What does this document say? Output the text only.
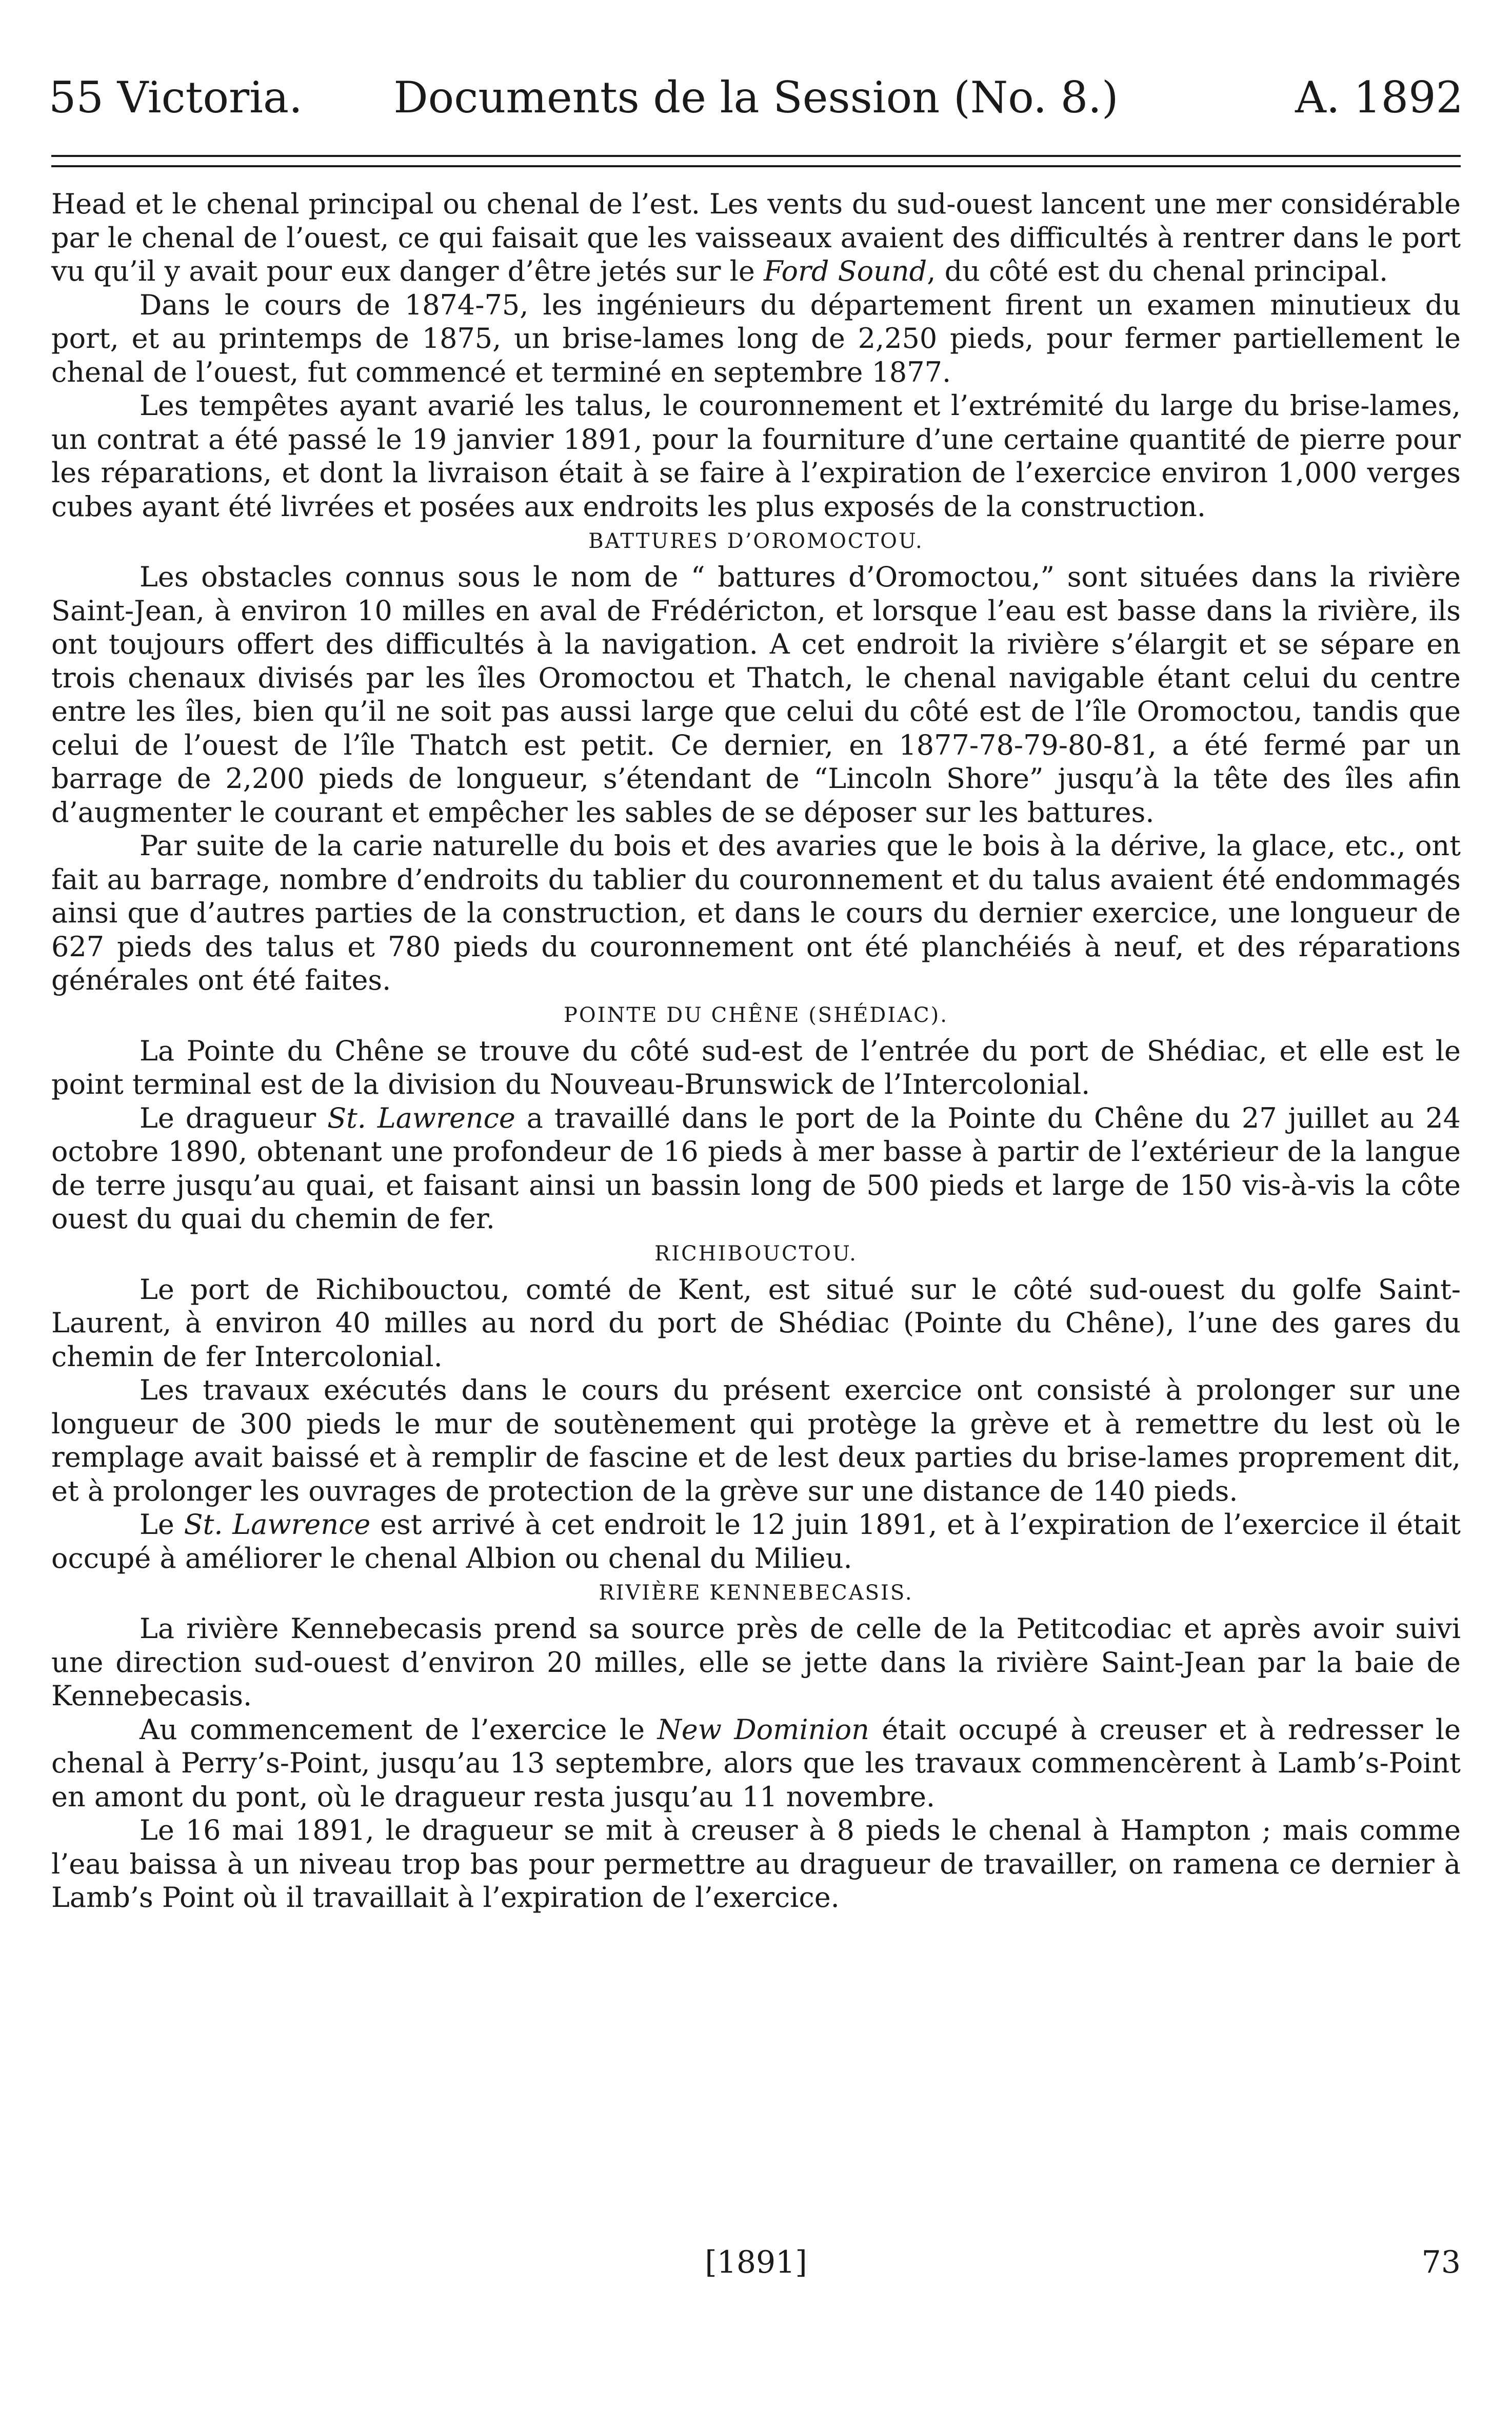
55 Victoria. Documents de la Session (No. 8.)	A. 1892

Head et le chenal principal ou chenal de l’est. Les vents du sud-ouest lancent une mer considérable par le chenal de l’ouest, ce qui faisait que les vaisseaux avaient des difficultés à rentrer dans le port vu qu’il y avait pour eux danger d’être jetés sur le Ford Sound, du côté est du chenal principal.

Dans le cours de 1874-75, les ingénieurs du département firent un examen minutieux du port, et au printemps de 1875, un brise-lames long de 2,250 pieds, pour fermer partiellement le chenal de l’ouest, fut commencé et terminé en septembre 1877.

Les tempêtes ayant avarié les talus, le couronnement et l’extrémité du large du brise-lames, un contrat a été passé le 19 janvier 1891, pour la fourniture d’une certaine quantité de pierre pour les réparations, et dont la livraison était à se faire à l’expiration de l’exercice environ 1,000 verges cubes ayant été livrées et posées aux endroits les plus exposés de la construction.

BATTURES D’OROMOCTOU.

Les obstacles connus sous le nom de “ battures d’Oromoctou,” sont situées dans la rivière Saint-Jean, à environ 10 milles en aval de Frédéricton, et lorsque l’eau est basse dans la rivière, ils ont toujours offert des difficultés à la navigation. A cet endroit la rivière s’élargit et se sépare en trois chenaux divisés par les îles Oromoctou et Thatch, le chenal navigable étant celui du centre entre les îles, bien qu’il ne soit pas aussi large que celui du côté est de l’île Oromoctou, tandis que celui de l’ouest de l’île Thatch est petit. Ce dernier, en 1877-78-79-80-81, a été fermé par un barrage de 2,200 pieds de longueur, s’étendant de “Lincoln Shore” jusqu’à la tête des îles afin d’augmenter le courant et empêcher les sables de se déposer sur les battures.

Par suite de la carie naturelle du bois et des avaries que le bois à la dérive, la glace, etc., ont fait au barrage, nombre d’endroits du tablier du couronnement et du talus avaient été endommagés ainsi que d’autres parties de la construction, et dans le cours du dernier exercice, une longueur de 627 pieds des talus et 780 pieds du couronnement ont été planchéiés à neuf, et des réparations générales ont été faites.

POINTE DU CHÊNE (SHÉDIAC).

La Pointe du Chêne se trouve du côté sud-est de l’entrée du port de Shédiac, et elle est le point terminal est de la division du Nouveau-Brunswick de l’Intercolonial.

Le dragueur St. Lawrence a travaillé dans le port de la Pointe du Chêne du 27 juillet au 24 octobre 1890, obtenant une profondeur de 16 pieds à mer basse à partir de l’extérieur de la langue de terre jusqu’au quai, et faisant ainsi un bassin long de 500 pieds et large de 150 vis-à-vis la côte ouest du quai du chemin de fer.

RICHIBOUCTOU.

Le port de Richibouctou, comté de Kent, est situé sur le côté sud-ouest du golfe Saint-Laurent, à environ 40 milles au nord du port de Shédiac (Pointe du Chêne), l’une des gares du chemin de fer Intercolonial.

Les travaux exécutés dans le cours du présent exercice ont consisté à prolonger sur une longueur de 300 pieds le mur de soutènement qui protège la grève et à remettre du lest où le remplage avait baissé et à remplir de fascine et de lest deux parties du brise-lames proprement dit, et à prolonger les ouvrages de protection de la grève sur une distance de 140 pieds.

Le St. Lawrence est arrivé à cet endroit le 12 juin 1891, et à l’expiration de l’exercice il était occupé à améliorer le chenal Albion ou chenal du Milieu.

RIVIÈRE KENNEBECASIS.

La rivière Kennebecasis prend sa source près de celle de la Petitcodiac et après avoir suivi une direction sud-ouest d’environ 20 milles, elle se jette dans la rivière Saint-Jean par la baie de Kennebecasis.

Au commencement de l’exercice le New Dominion était occupé à creuser et à redresser le chenal à Perry’s-Point, jusqu’au 13 septembre, alors que les travaux commencèrent à Lamb’s-Point en amont du pont, où le dragueur resta jusqu’au 11 novembre.

Le 16 mai 1891, le dragueur se mit à creuser à 8 pieds le chenal à Hampton ; mais comme l’eau baissa à un niveau trop bas pour permettre au dragueur de travailler, on ramena ce dernier à Lamb’s Point où il travaillait à l’expiration de l’exercice.

[1891]	73
